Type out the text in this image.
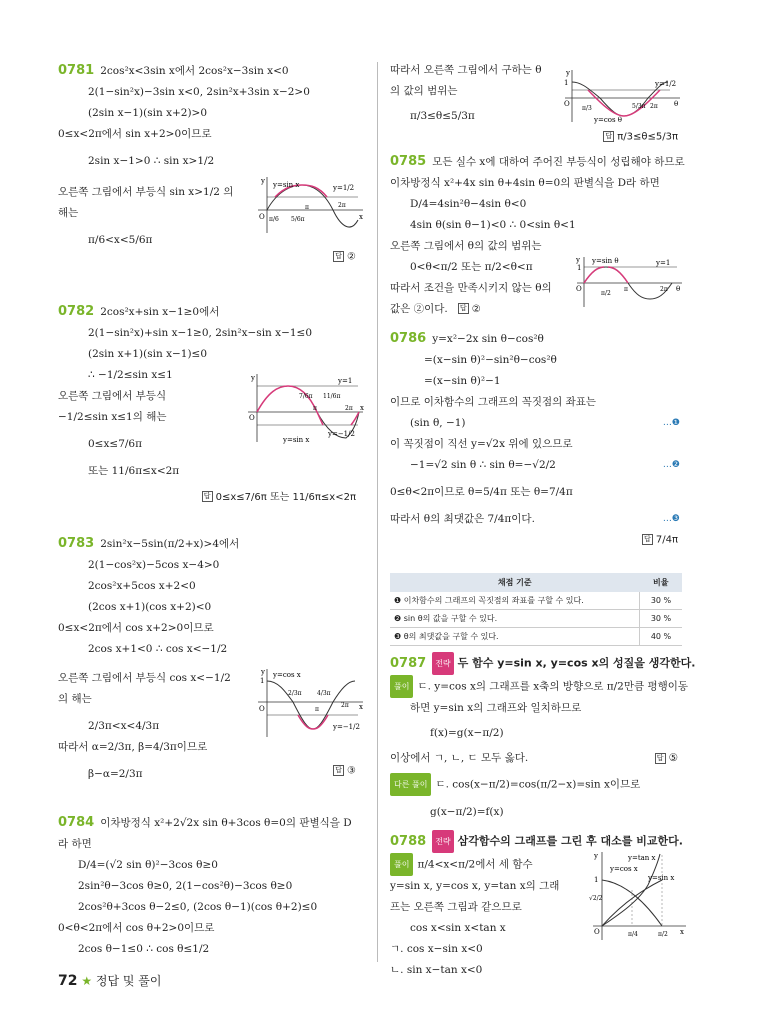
0781 2cos²x<3sin x에서 2cos²x−3sin x<0
2(1−sin²x)−3sin x<0, 2sin²x+3sin x−2>0
(2sin x−1)(sin x+2)>0
0≤x<2π에서 sin x+2>0이므로
2sin x−1>0 ∴ sin x>1/2
오른쪽 그림에서 부등식 sin x>1/2 의
해는
π/6<x<5/6π
답 ②
0782 2cos²x+sin x−1≥0에서
2(1−sin²x)+sin x−1≥0, 2sin²x−sin x−1≤0
(2sin x+1)(sin x−1)≤0
∴ −1/2≤sin x≤1
오른쪽 그림에서 부등식
−1/2≤sin x≤1의 해는
0≤x≤7/6π
또는 11/6π≤x<2π
답 0≤x≤7/6π 또는 11/6π≤x<2π
0783 2sin²x−5sin(π/2+x)>4에서
2(1−cos²x)−5cos x−4>0
2cos²x+5cos x+2<0
(2cos x+1)(cos x+2)<0
0≤x<2π에서 cos x+2>0이므로
2cos x+1<0 ∴ cos x<−1/2
오른쪽 그림에서 부등식 cos x<−1/2
의 해는
2/3π<x<4/3π
따라서 α=2/3π, β=4/3π이므로
β−α=2/3π	답 ③
0784 이차방정식 x²+2√2x sin θ+3cos θ=0의 판별식을 D
라 하면
D/4=(√2 sin θ)²−3cos θ≥0
2sin²θ−3cos θ≥0, 2(1−cos²θ)−3cos θ≥0
2cos²θ+3cos θ−2≤0, (2cos θ−1)(cos θ+2)≤0
0<θ<2π에서 cos θ+2>0이므로
2cos θ−1≤0 ∴ cos θ≤1/2
y=sin x	y=1/2
O π/6 5/6π
π	2π
x
y
y=1
7/6π 11/6π
O
π	2π x
y=sin x
y=−1/2
y
y=cos x
2/3π	4/3π
O	π
2π x
y=−1/2
y
1
따라서 오른쪽 그림에서 구하는 θ
의 값의 범위는
π/3≤θ≤5/3π
답 π/3≤θ≤5/3π
0785 모든 실수 x에 대하여 주어진 부등식이 성립해야 하므로
이차방정식 x²+4x sin θ+4sin θ=0의 판별식을 D라 하면
D/4=4sin²θ−4sin θ<0
4sin θ(sin θ−1)<0 ∴ 0<sin θ<1
오른쪽 그림에서 θ의 값의 범위는
0<θ<π/2 또는 π/2<θ<π
따라서 조건을 만족시키지 않는 θ의
값은 ②이다. 답 ②
0786 y=x²−2x sin θ−cos²θ
=(x−sin θ)²−sin²θ−cos²θ
=(x−sin θ)²−1
이므로 이차함수의 그래프의 꼭짓점의 좌표는
(sin θ, −1)	…❶
이 꼭짓점이 직선 y=√2x 위에 있으므로
−1=√2 sin θ ∴ sin θ=−√2/2	…❷
0≤θ<2π이므로 θ=5/4π 또는 θ=7/4π
따라서 θ의 최댓값은 7/4π이다.	…❸
답 7/4π
y=1/2
π/3	5/3π 2π θ
y=cos θ
O
y
1
y=sin θ	y=1
O
π/2
π	2π θ
1
y
채점 기준	비율
❶ 이차함수의 그래프의 꼭짓점의 좌표를 구할 수 있다.	30 %
❷ sin θ의 값을 구할 수 있다.	30 %
❸ θ의 최댓값을 구할 수 있다.	40 %
0787 전략 두 함수 y=sin x, y=cos x의 성질을 생각한다.
풀이 ㄷ. y=cos x의 그래프를 x축의 방향으로 π/2만큼 평행이동
하면 y=sin x의 그래프와 일치하므로
f(x)=g(x−π/2)
이상에서 ㄱ, ㄴ, ㄷ 모두 옳다.	답 ⑤
다른 풀이 ㄷ. cos(x−π/2)=cos(π/2−x)=sin x이므로
g(x−π/2)=f(x)
0788 전략 삼각함수의 그래프를 그린 후 대소를 비교한다.
풀이 π/4<x<π/2에서 세 함수
y=sin x, y=cos x, y=tan x의 그래
프는 오른쪽 그림과 같으므로
cos x<sin x<tan x
ㄱ. cos x−sin x<0
ㄴ. sin x−tan x<0
y=tan x
y=cos x
y=sin x
√2/2
O	π/4	π/2 x
y
1
72 ★ 정답 및 풀이
